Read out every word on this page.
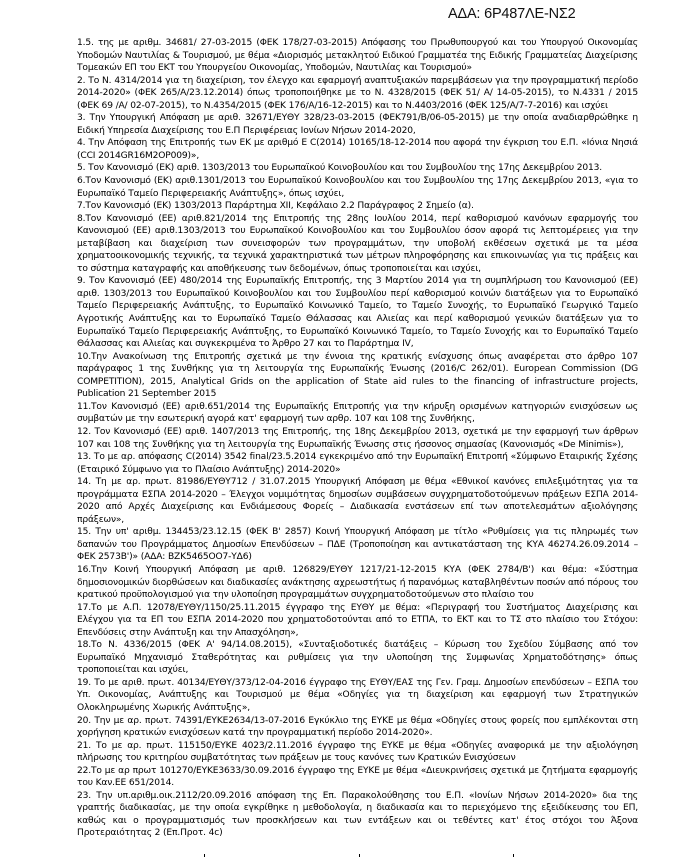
ΑΔΑ: 6Ρ487ΛΕ-ΝΣ2

1.5. της με αριθμ. 34681/ 27-03-2015 (ΦΕΚ 178/27-03-2015) Απόφασης του Πρωθυπουργού και του Υπουργού Οικονομίας Υποδομών Ναυτιλίας & Τουρισμού, με θέμα «Διορισμός μετακλητού Ειδικού Γραμματέα της Ειδικής Γραμματείας Διαχείρισης Τομεακών ΕΠ του ΕΚΤ του Υπουργείου Οικονομίας, Υποδομών, Ναυτιλίας και Τουρισμού»

2. Το Ν. 4314/2014 για τη διαχείριση, τον έλεγχο και εφαρμογή αναπτυξιακών παρεμβάσεων για την προγραμματική περίοδο 2014-2020» (ΦΕΚ 265/Α/23.12.2014) όπως τροποποιήθηκε με το Ν. 4328/2015 (ΦΕΚ 51/ Α/ 14-05-2015), το Ν.4331 / 2015 (ΦΕΚ 69 /Α/ 02-07-2015), το Ν.4354/2015 (ΦΕΚ 176/Α/16-12-2015) και το Ν.4403/2016 (ΦΕΚ 125/Α/7-7-2016) και ισχύει

3. Την Υπουργική Απόφαση με αριθ. 32671/ΕΥΘΥ 328/23-03-2015 (ΦΕΚ791/Β/06-05-2015) με την οποία αναδιαρθρώθηκε η Ειδική Υπηρεσία Διαχείρισης του Ε.Π Περιφέρειας Ιονίων Νήσων 2014-2020,

4. Την Απόφαση της Επιτροπής των ΕΚ με αριθμό Ε C(2014) 10165/18-12-2014 που αφορά την έγκριση του Ε.Π. «Ιόνια Νησιά (CCI 2014GR16M2OP009)»,

5. Τον Κανονισμό (ΕΚ) αριθ. 1303/2013 του Ευρωπαϊκού Κοινοβουλίου και του Συμβουλίου της 17ης Δεκεμβρίου 2013.

6.Τον Κανονισμό (ΕΚ) αριθ.1301/2013 του Ευρωπαϊκού Κοινοβουλίου και του Συμβουλίου της 17ης Δεκεμβρίου 2013, «για το Ευρωπαϊκό Ταμείο Περιφερειακής Ανάπτυξης», όπως ισχύει,

7.Τον Κανονισμό (ΕΚ) 1303/2013 Παράρτημα XII, Κεφάλαιο 2.2 Παράγραφος 2 Σημείο (α).

8.Τον Κανονισμό (ΕΕ) αριθ.821/2014 της Επιτροπής της 28ης Ιουλίου 2014, περί καθορισμού κανόνων εφαρμογής του Κανονισμού (ΕΕ) αριθ.1303/2013 του Ευρωπαϊκού Κοινοβουλίου και του Συμβουλίου όσον αφορά τις λεπτομέρειες για την μεταβίβαση και διαχείριση των συνεισφορών των προγραμμάτων, την υποβολή εκθέσεων σχετικά με τα μέσα χρηματοοικονομικής τεχνικής, τα τεχνικά χαρακτηριστικά των μέτρων πληροφόρησης και επικοινωνίας για τις πράξεις και το σύστημα καταγραφής και αποθήκευσης των δεδομένων, όπως τροποποιείται και ισχύει,

9. Τον Κανονισμό (ΕΕ) 480/2014 της Ευρωπαϊκής Επιτροπής, της 3 Μαρτίου 2014 για τη συμπλήρωση του Κανονισμού (ΕΕ) αριθ. 1303/2013 του Ευρωπαϊκού Κοινοβουλίου και του Συμβουλίου περί καθορισμού κοινών διατάξεων για το Ευρωπαϊκό Ταμείο Περιφερειακής Ανάπτυξης, το Ευρωπαϊκό Κοινωνικό Ταμείο, το Ταμείο Συνοχής, το Ευρωπαϊκό Γεωργικό Ταμείο Αγροτικής Ανάπτυξης και το Ευρωπαϊκό Ταμείο Θάλασσας και Αλιείας και περί καθορισμού γενικών διατάξεων για το Ευρωπαϊκό Ταμείο Περιφερειακής Ανάπτυξης, το Ευρωπαϊκό Κοινωνικό Ταμείο, το Ταμείο Συνοχής και το Ευρωπαϊκό Ταμείο Θάλασσας και Αλιείας και συγκεκριμένα το Άρθρο 27 και το Παράρτημα IV,

10.Την Ανακοίνωση της Επιτροπής σχετικά με την έννοια της κρατικής ενίσχυσης όπως αναφέρεται στο άρθρο 107 παράγραφος 1 της Συνθήκης για τη λειτουργία της Ευρωπαϊκής Ένωσης (2016/C 262/01). European Commission (DG COMPETITION), 2015, Analytical Grids on the application of State aid rules to the financing of infrastructure projects, Publication 21 September 2015

11.Τον Κανονισμό (ΕΕ) αριθ.651/2014 της Ευρωπαϊκής Επιτροπής για την κήρυξη ορισμένων κατηγοριών ενισχύσεων ως συμβατών με την εσωτερική αγορά κατ' εφαρμογή των αρθρ. 107 και 108 της Συνθήκης,

12. Τον Κανονισμό (ΕΕ) αριθ. 1407/2013 της Επιτροπής, της 18ης Δεκεμβρίου 2013, σχετικά με την εφαρμογή των άρθρων 107 και 108 της Συνθήκης για τη λειτουργία της Ευρωπαϊκής Ένωσης στις ήσσονος σημασίας (Κανονισμός «De Minimis»),

13. Το με αρ. απόφασης C(2014) 3542 final/23.5.2014 εγκεκριμένο από την Ευρωπαϊκή Επιτροπή «Σύμφωνο Εταιρικής Σχέσης (Εταιρικό Σύμφωνο για το Πλαίσιο Ανάπτυξης) 2014-2020»

14. Τη με αρ. πρωτ. 81986/ΕΥΘΥ712 / 31.07.2015 Υπουργική Απόφαση με θέμα «Εθνικοί κανόνες επιλεξιμότητας για τα προγράμματα ΕΣΠΑ 2014-2020 – Έλεγχοι νομιμότητας δημοσίων συμβάσεων συγχρηματοδοτούμενων πράξεων ΕΣΠΑ 2014-2020 από Αρχές Διαχείρισης και Ενδιάμεσους Φορείς – Διαδικασία ενστάσεων επί των αποτελεσμάτων αξιολόγησης πράξεων»,

15. Την υπ' αριθμ. 134453/23.12.15 (ΦΕΚ Β' 2857) Κοινή Υπουργική Απόφαση με τίτλο «Ρυθμίσεις για τις πληρωμές των δαπανών του Προγράμματος Δημοσίων Επενδύσεων – ΠΔΕ (Τροποποίηση και αντικατάσταση της ΚΥΑ 46274.26.09.2014 – ΦΕΚ 2573Β')» (ΑΔΑ: ΒΖΚ5465ΟΟ7-ΥΔ6)

16.Την Κοινή Υπουργική Απόφαση με αριθ. 126829/ΕΥΘΥ 1217/21-12-2015 ΚΥΑ (ΦΕΚ 2784/Β') και θέμα: «Σύστημα δημοσιονομικών διορθώσεων και διαδικασίες ανάκτησης αχρεωστήτως ή παρανόμως καταβληθέντων ποσών από πόρους του κρατικού προϋπολογισμού για την υλοποίηση προγραμμάτων συγχρηματοδοτούμενων στο πλαίσιο του

17.Το με Α.Π. 12078/ΕΥΘΥ/1150/25.11.2015 έγγραφο της ΕΥΘΥ με θέμα: «Περιγραφή του Συστήματος Διαχείρισης και Ελέγχου για τα ΕΠ του ΕΣΠΑ 2014-2020 που χρηματοδοτούνται από το ΕΤΠΑ, το ΕΚΤ και το ΤΣ στο πλαίσιο του Στόχου: Επενδύσεις στην Ανάπτυξη και την Απασχόληση»,

18.Το Ν. 4336/2015 (ΦΕΚ Α' 94/14.08.2015), «Συνταξιοδοτικές διατάξεις – Κύρωση του Σχεδίου Σύμβασης από τον Ευρωπαϊκό Μηχανισμό Σταθερότητας και ρυθμίσεις για την υλοποίηση της Συμφωνίας Χρηματοδότησης» όπως τροποποιείται και ισχύει,

19. Το με αριθ. πρωτ. 40134/ΕΥΘΥ/373/12-04-2016 έγγραφο της ΕΥΘΥ/ΕΑΣ της Γεν. Γραμ. Δημοσίων επενδύσεων – ΕΣΠΑ του Υπ. Οικονομίας, Ανάπτυξης και Τουρισμού με θέμα «Οδηγίες για τη διαχείριση και εφαρμογή των Στρατηγικών Ολοκληρωμένης Χωρικής Ανάπτυξης»,

20. Την με αρ. πρωτ. 74391/ΕΥΚΕ2634/13-07-2016 Εγκύκλιο της ΕΥΚΕ με θέμα «Οδηγίες στους φορείς που εμπλέκονται στη χορήγηση κρατικών ενισχύσεων κατά την προγραμματική περίοδο 2014-2020».

21. Το με αρ. πρωτ. 115150/ΕΥΚΕ 4023/2.11.2016 έγγραφο της ΕΥΚΕ με θέμα «Οδηγίες αναφορικά με την αξιολόγηση πλήρωσης του κριτηρίου συμβατότητας των πράξεων με τους κανόνες των Κρατικών Ενισχύσεων

22.Το με αρ πρωτ 101270/ΕΥΚΕ3633/30.09.2016 έγγραφο της ΕΥΚΕ με θέμα «Διευκρινήσεις σχετικά με ζητήματα εφαρμογής του Καν.ΕΕ 651/2014.

23. Την υπ.αριθμ.οικ.2112/20.09.2016 απόφαση της Επ. Παρακολούθησης του Ε.Π. «Ιονίων Νήσων 2014-2020» δια της γραπτής διαδικασίας, με την οποία εγκρίθηκε η μεθοδολογία, η διαδικασία και το περιεχόμενο της εξειδίκευσης του ΕΠ, καθώς και ο προγραμματισμός των προσκλήσεων και των εντάξεων και οι τεθέντες κατ' έτος στόχοι του Άξονα Προτεραιότητας 2 (Επ.Προτ. 4c)
